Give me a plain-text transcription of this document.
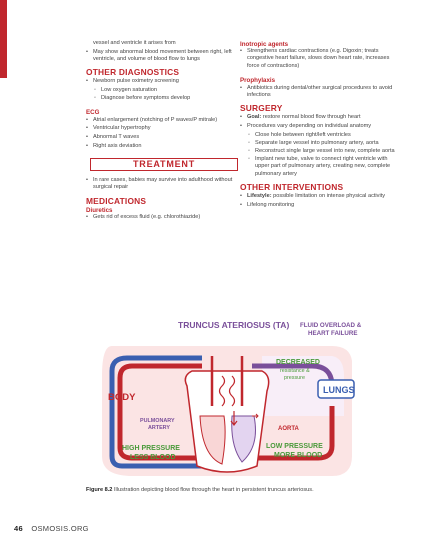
vessel and ventricle it arises from
• May show abnormal blood movement between right, left ventricle, and volume of blood flow to lungs
OTHER DIAGNOSTICS
• Newborn pulse oximetry screening
◦ Low oxygen saturation
◦ Diagnose before symptoms develop
ECG
• Atrial enlargement (notching of P waves/P mitrale)
• Ventricular hypertrophy
• Abnormal T waves
• Right axis deviation
TREATMENT
• In rare cases, babies may survive into adulthood without surgical repair
MEDICATIONS
Diuretics
• Gets rid of excess fluid (e.g. chlorothiazide)
Inotropic agents
• Strengthens cardiac contractions (e.g. Digoxin; treats congestive heart failure, slows down heart rate, increases force of contractions)
Prophylaxis
• Antibiotics during dental/other surgical procedures to avoid infections
SURGERY
• Goal: restore normal blood flow through heart
• Procedures vary depending on individual anatomy
◦ Close hole between right/left ventricles
◦ Separate large vessel into pulmonary artery, aorta
◦ Reconstruct single large vessel into new, complete aorta
◦ Implant new tube, valve to connect right ventricle with upper part of pulmonary artery, creating new, complete pulmonary artery
OTHER INTERVENTIONS
• Lifestyle: possible limitation on intense physical activity
• Lifelong monitoring
TRUNCUS ATERIOSUS (TA) FLUID OVERLOAD &
HEART FAILURE
DECREASED
resistance &
pressure
LUNGS
BODY
PULMONARY
ARTERY	AORTA
HIGH PRESSURE
LESS BLOOD
LOW PRESSURE
MORE BLOOD
Figure 8.2 Illustration depicting blood flow through the heart in persistent truncus arteriosus.
46 OSMOSIS.ORG
